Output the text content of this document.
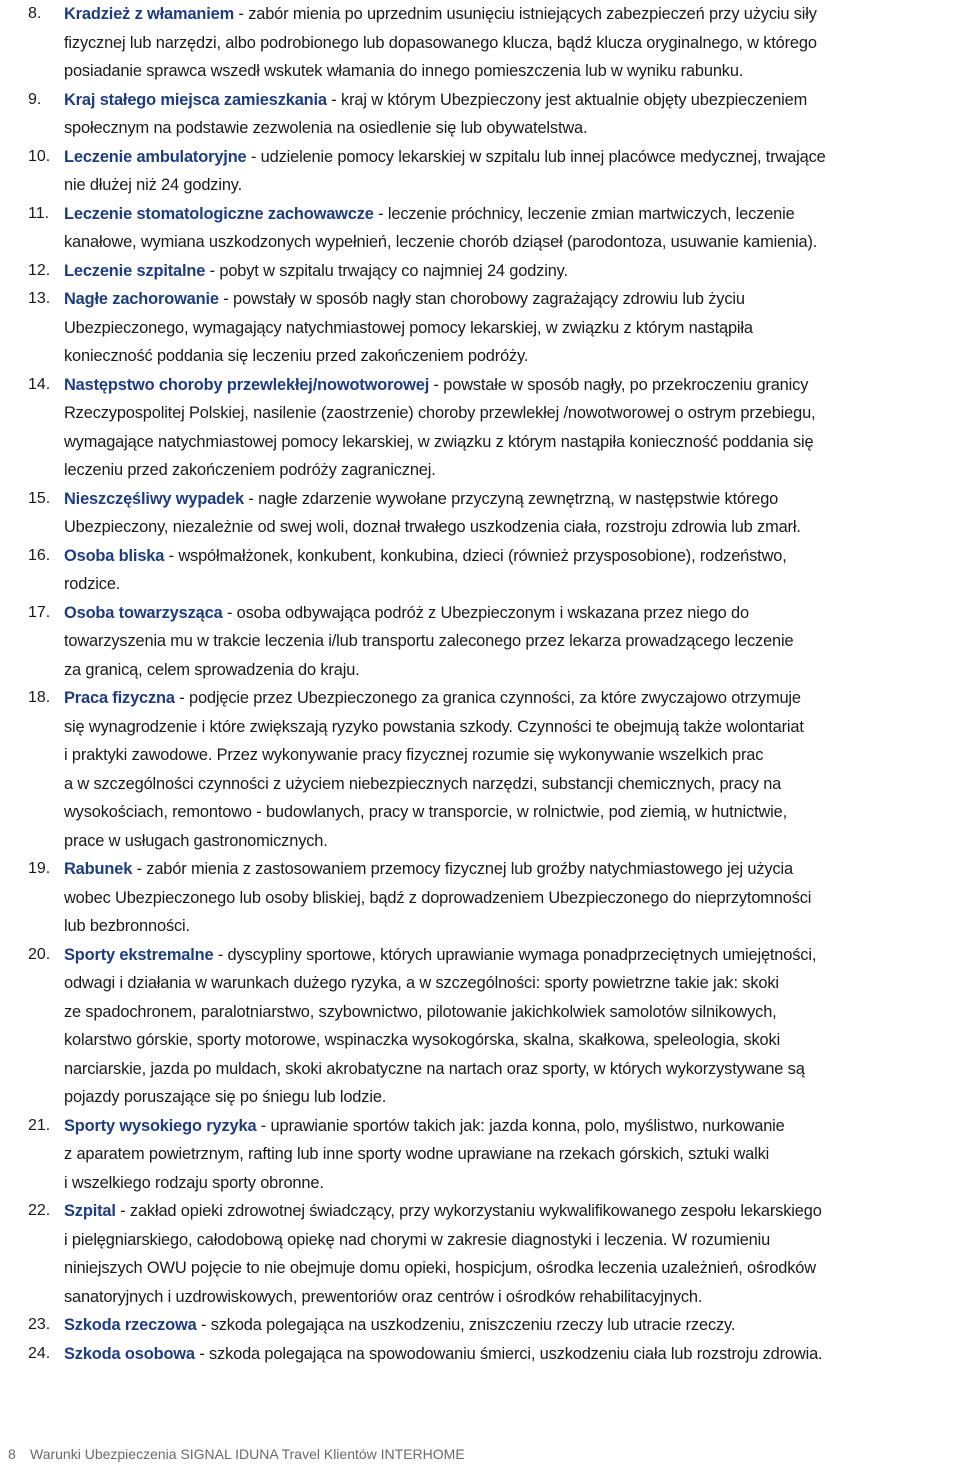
8.	Kradzież z włamaniem - zabór mienia po uprzednim usunięciu istniejących zabezpieczeń przy użyciu siły
fizycznej lub narzędzi, albo podrobionego lub dopasowanego klucza, bądź klucza oryginalnego, w którego
posiadanie sprawca wszedł wskutek włamania do innego pomieszczenia lub w wyniku rabunku.
9.	Kraj stałego miejsca zamieszkania - kraj w którym Ubezpieczony jest aktualnie objęty ubezpieczeniem
społecznym na podstawie zezwolenia na osiedlenie się lub obywatelstwa.
10. Leczenie ambulatoryjne - udzielenie pomocy lekarskiej w szpitalu lub innej placówce medycznej, trwające
nie dłużej niż 24 godziny.
11. Leczenie stomatologiczne zachowawcze - leczenie próchnicy, leczenie zmian martwiczych, leczenie
kanałowe, wymiana uszkodzonych wypełnień, leczenie chorób dziąseł (parodontoza, usuwanie kamienia).
12. Leczenie szpitalne - pobyt w szpitalu trwający co najmniej 24 godziny.
13. Nagłe zachorowanie - powstały w sposób nagły stan chorobowy zagrażający zdrowiu lub życiu
Ubezpieczonego, wymagający natychmiastowej pomocy lekarskiej, w związku z którym nastąpiła
konieczność poddania się leczeniu przed zakończeniem podróży.
14. Następstwo choroby przewlekłej/nowotworowej - powstałe w sposób nagły, po przekroczeniu granicy
Rzeczypospolitej Polskiej, nasilenie (zaostrzenie) choroby przewlekłej /nowotworowej o ostrym przebiegu,
wymagające natychmiastowej pomocy lekarskiej, w związku z którym nastąpiła konieczność poddania się
leczeniu przed zakończeniem podróży zagranicznej.
15. Nieszczęśliwy wypadek - nagłe zdarzenie wywołane przyczyną zewnętrzną, w następstwie którego
Ubezpieczony, niezależnie od swej woli, doznał trwałego uszkodzenia ciała, rozstroju zdrowia lub zmarł.
16. Osoba bliska - współmałżonek, konkubent, konkubina, dzieci (również przysposobione), rodzeństwo,
rodzice.
17. Osoba towarzysząca - osoba odbywająca podróż z Ubezpieczonym i wskazana przez niego do
towarzyszenia mu w trakcie leczenia i/lub transportu zaleconego przez lekarza prowadzącego leczenie
za granicą, celem sprowadzenia do kraju.
18. Praca fizyczna - podjęcie przez Ubezpieczonego za granica czynności, za które zwyczajowo otrzymuje
się wynagrodzenie i które zwiększają ryzyko powstania szkody. Czynności te obejmują także wolontariat
i praktyki zawodowe. Przez wykonywanie pracy fizycznej rozumie się wykonywanie wszelkich prac
a w szczególności czynności z użyciem niebezpiecznych narzędzi, substancji chemicznych, pracy na
wysokościach, remontowo - budowlanych, pracy w transporcie, w rolnictwie, pod ziemią, w hutnictwie,
prace w usługach gastronomicznych.
19. Rabunek - zabór mienia z zastosowaniem przemocy fizycznej lub groźby natychmiastowego jej użycia
wobec Ubezpieczonego lub osoby bliskiej, bądź z doprowadzeniem Ubezpieczonego do nieprzytomności
lub bezbronności.
20. Sporty ekstremalne - dyscypliny sportowe, których uprawianie wymaga ponadprzeciętnych umiejętności,
odwagi i działania w warunkach dużego ryzyka, a w szczególności: sporty powietrzne takie jak: skoki
ze spadochronem, paralotniarstwo, szybownictwo, pilotowanie jakichkolwiek samolotów silnikowych,
kolarstwo górskie, sporty motorowe, wspinaczka wysokogórska, skalna, skałkowa, speleologia, skoki
narciarskie, jazda po muldach, skoki akrobatyczne na nartach oraz sporty, w których wykorzystywane są
pojazdy poruszające się po śniegu lub lodzie.
21. Sporty wysokiego ryzyka - uprawianie sportów takich jak: jazda konna, polo, myślistwo, nurkowanie
z aparatem powietrznym, rafting lub inne sporty wodne uprawiane na rzekach górskich, sztuki walki
i wszelkiego rodzaju sporty obronne.
22. Szpital - zakład opieki zdrowotnej świadczący, przy wykorzystaniu wykwalifikowanego zespołu lekarskiego
i pielęgniarskiego, całodobową opiekę nad chorymi w zakresie diagnostyki i leczenia. W rozumieniu
niniejszych OWU pojęcie to nie obejmuje domu opieki, hospicjum, ośrodka leczenia uzależnień, ośrodków
sanatoryjnych i uzdrowiskowych, prewentoriów oraz centrów i ośrodków rehabilitacyjnych.
23. Szkoda rzeczowa - szkoda polegająca na uszkodzeniu, zniszczeniu rzeczy lub utracie rzeczy.
24. Szkoda osobowa - szkoda polegająca na spowodowaniu śmierci, uszkodzeniu ciała lub rozstroju zdrowia.
8 Warunki Ubezpieczenia SIGNAL IDUNA Travel Klientów INTERHOME
